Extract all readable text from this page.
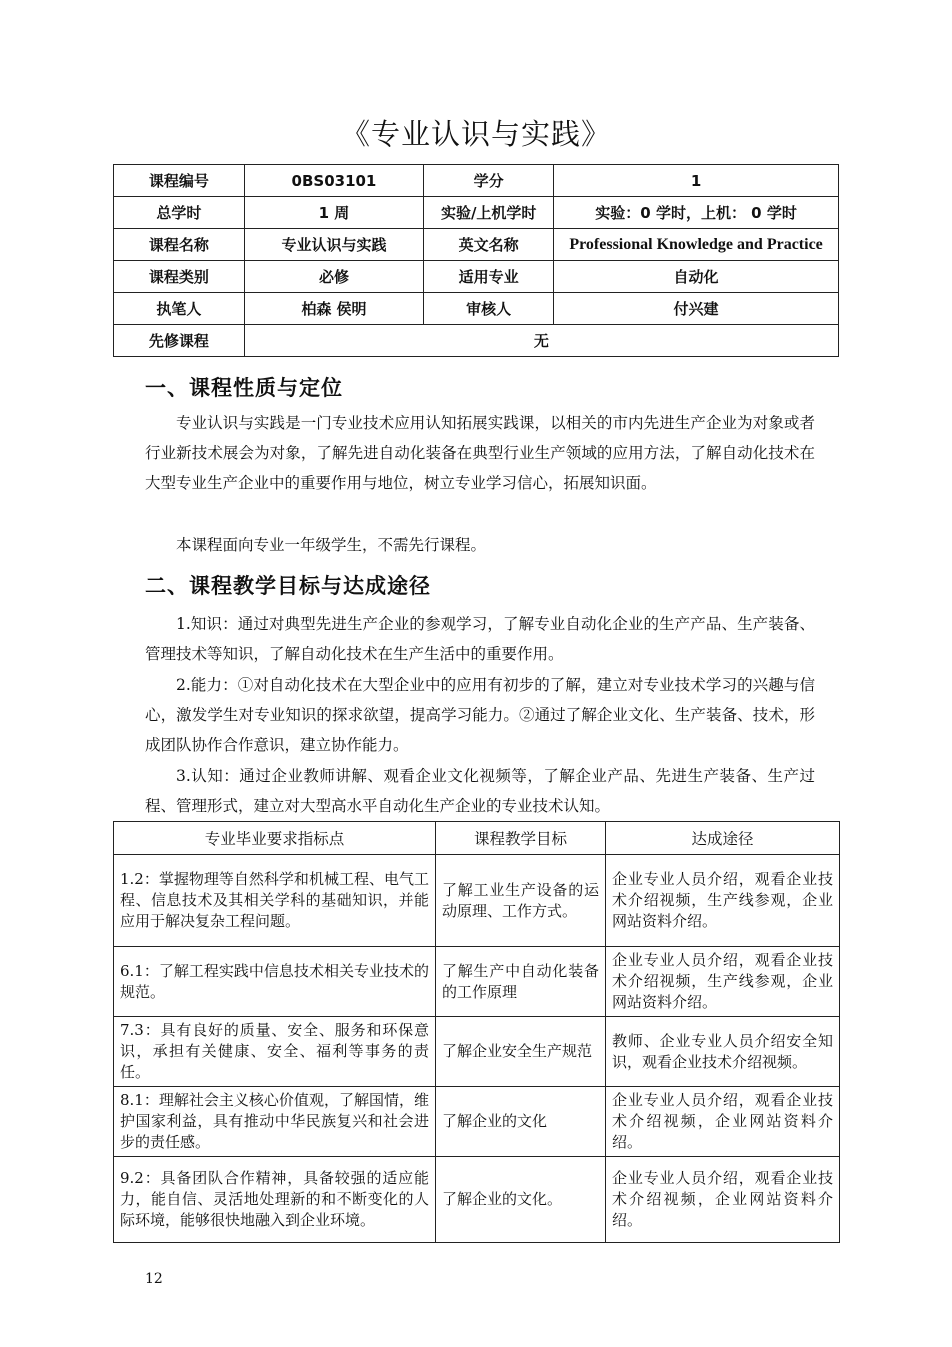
《专业认识与实践》
课程编号	0BS03101	学分	1
总学时	1 周	实验/上机学时	实验：0 学时，上机： 0 学时
课程名称	专业认识与实践	英文名称	Professional Knowledge and Practice
课程类别	必修	适用专业	自动化
执笔人	柏森 侯明	审核人	付兴建
先修课程	无		
一、课程性质与定位

专业认识与实践是一门专业技术应用认知拓展实践课，以相关的市内先进生产企业为对象或者行业新技术展会为对象，了解先进自动化装备在典型行业生产领域的应用方法，了解自动化技术在大型专业生产企业中的重要作用与地位，树立专业学习信心，拓展知识面。

本课程面向专业一年级学生，不需先行课程。

二、课程教学目标与达成途径

1.知识：通过对典型先进生产企业的参观学习，了解专业自动化企业的生产产品、生产装备、管理技术等知识，了解自动化技术在生产生活中的重要作用。

2.能力：①对自动化技术在大型企业中的应用有初步的了解，建立对专业技术学习的兴趣与信心，激发学生对专业知识的探求欲望，提高学习能力。②通过了解企业文化、生产装备、技术，形成团队协作合作意识，建立协作能力。

3.认知：通过企业教师讲解、观看企业文化视频等，了解企业产品、先进生产装备、生产过程、管理形式，建立对大型高水平自动化生产企业的专业技术认知。

专业毕业要求指标点	课程教学目标	达成途径
1.2：掌握物理等自然科学和机械工程、电气工程、信息技术及其相关学科的基础知识，并能应用于解决复杂工程问题。	了解工业生产设备的运动原理、工作方式。	企业专业人员介绍，观看企业技术介绍视频，生产线参观，企业网站资料介绍。
6.1：了解工程实践中信息技术相关专业技术的规范。	了解生产中自动化装备的工作原理	企业专业人员介绍，观看企业技术介绍视频，生产线参观，企业网站资料介绍。
7.3：具有良好的质量、安全、服务和环保意识，承担有关健康、安全、福利等事务的责任。	了解企业安全生产规范	教师、企业专业人员介绍安全知识，观看企业技术介绍视频。
8.1：理解社会主义核心价值观，了解国情，维护国家利益，具有推动中华民族复兴和社会进步的责任感。	了解企业的文化	企业专业人员介绍，观看企业技术介绍视频，企业网站资料介绍。
9.2：具备团队合作精神，具备较强的适应能力，能自信、灵活地处理新的和不断变化的人际环境，能够很快地融入到企业环境。	了解企业的文化。	企业专业人员介绍，观看企业技术介绍视频，企业网站资料介绍。
12
